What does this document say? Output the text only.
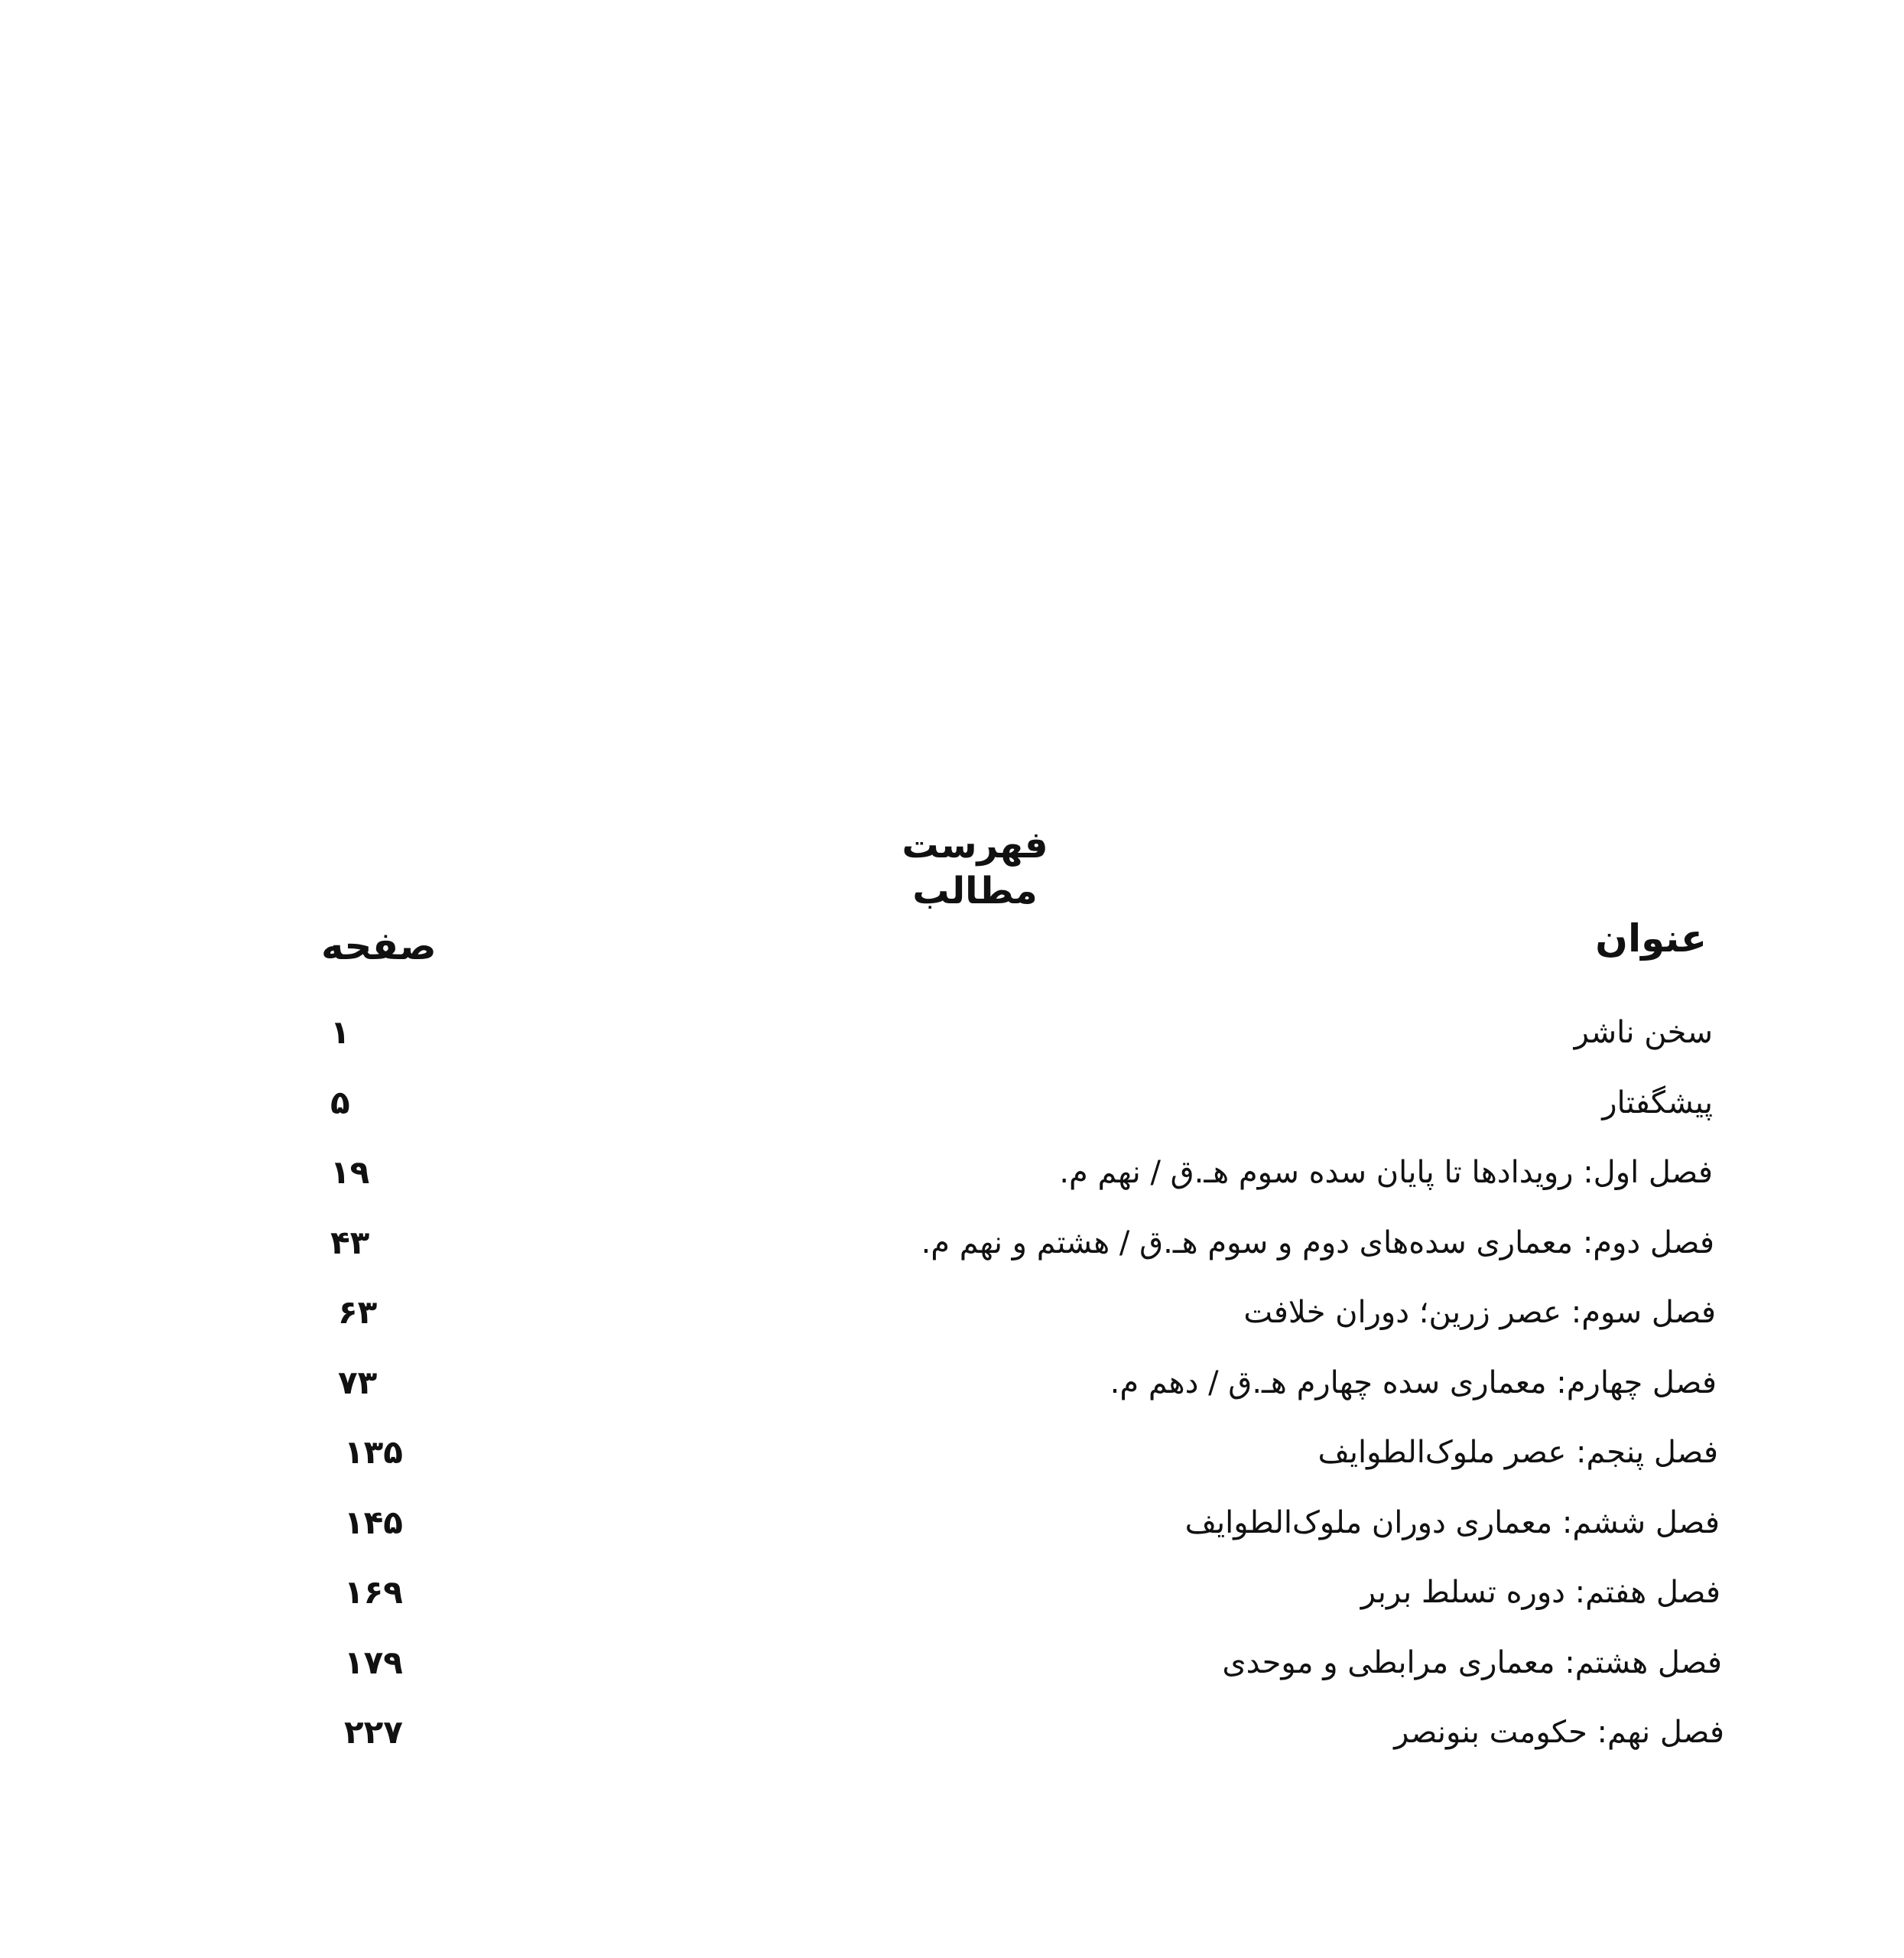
فهرست مطالب
عنوان
صفحه
سخن ناشر
۱
پیشگفتار
۵
فصل اول: رویدادها تا پایان سده سوم هـ.ق / نهم م.
۱۹
فصل دوم: معماری سده‌های دوم و سوم هـ.ق / هشتم و نهم م.
۴۳
فصل سوم: عصر زرین؛ دوران خلافت
۶۳
فصل چهارم: معماری سده چهارم هـ.ق / دهم م.
۷۳
فصل پنجم: عصر ملوک‌الطوایف
۱۳۵
فصل ششم: معماری دوران ملوک‌الطوایف
۱۴۵
فصل هفتم: دوره تسلط بربر
۱۶۹
فصل هشتم: معماری مرابطی و موحدی
۱۷۹
فصل نهم: حکومت بنونصر
۲۲۷
